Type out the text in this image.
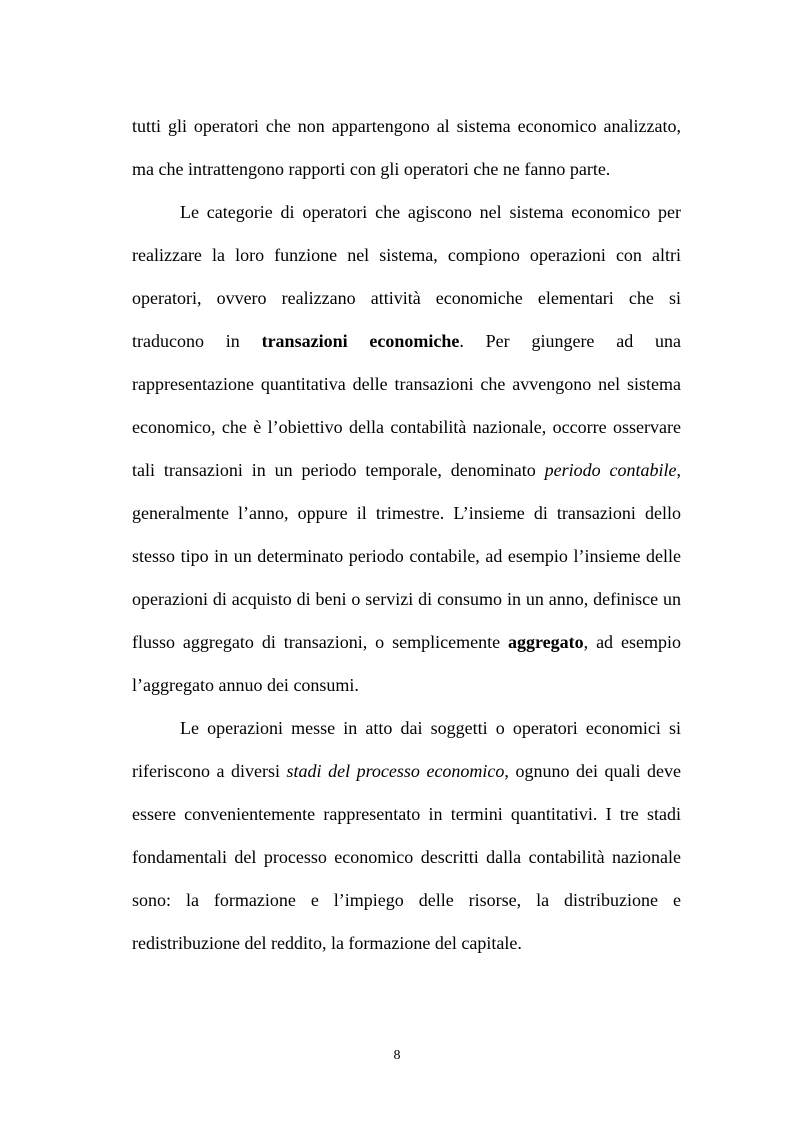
tutti gli operatori che non appartengono al sistema economico analizzato, ma che intrattengono rapporti con gli operatori che ne fanno parte.

Le categorie di operatori che agiscono nel sistema economico per realizzare la loro funzione nel sistema, compiono operazioni con altri operatori, ovvero realizzano attività economiche elementari che si traducono in transazioni economiche. Per giungere ad una rappresentazione quantitativa delle transazioni che avvengono nel sistema economico, che è l’obiettivo della contabilità nazionale, occorre osservare tali transazioni in un periodo temporale, denominato periodo contabile, generalmente l’anno, oppure il trimestre. L’insieme di transazioni dello stesso tipo in un determinato periodo contabile, ad esempio l’insieme delle operazioni di acquisto di beni o servizi di consumo in un anno, definisce un flusso aggregato di transazioni, o semplicemente aggregato, ad esempio l’aggregato annuo dei consumi.

Le operazioni messe in atto dai soggetti o operatori economici si riferiscono a diversi stadi del processo economico, ognuno dei quali deve essere convenientemente rappresentato in termini quantitativi. I tre stadi fondamentali del processo economico descritti dalla contabilità nazionale sono: la formazione e l’impiego delle risorse, la distribuzione e redistribuzione del reddito, la formazione del capitale.

8
